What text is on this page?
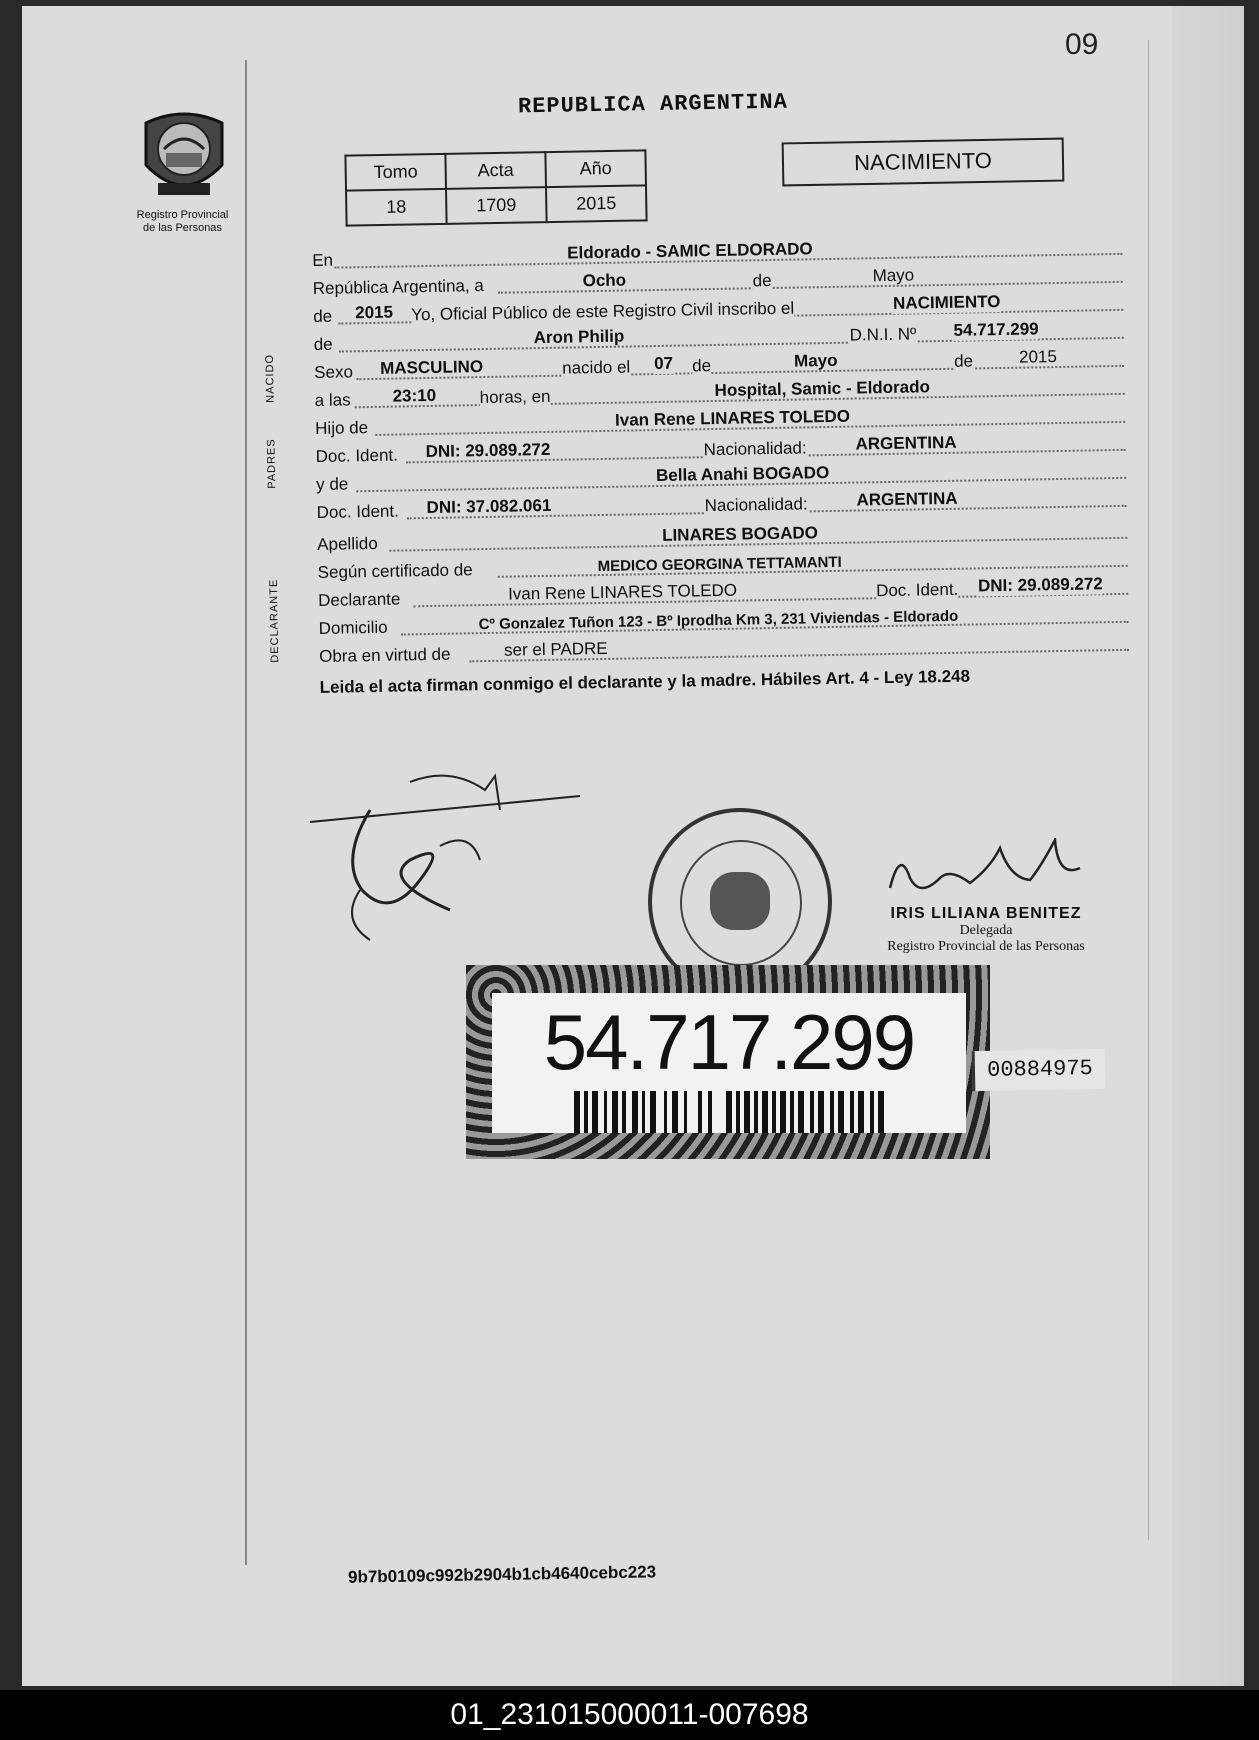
09
Registro Provincial
de las Personas
REPUBLICA ARGENTINA
Tomo	Acta	Año
18	1709	2015
NACIMIENTO
En	Eldorado - SAMIC ELDORADO
República Argentina, a	Ocho	de	Mayo
de 2015 Yo, Oficial Público de este Registro Civil inscribo el	NACIMIENTO
NACIDO
de	Aron Philip	D.N.I. Nº 54.717.299
Sexo MASCULINO	nacido el 07 de	Mayo	de	2015
a las 23:10	horas, en	Hospital, Samic - Eldorado
PADRES
Hijo de	Ivan Rene LINARES TOLEDO
Doc. Ident. DNI: 29.089.272	Nacionalidad:	ARGENTINA
y de	Bella Anahi BOGADO
Doc. Ident. DNI: 37.082.061	Nacionalidad:	ARGENTINA
Apellido	LINARES BOGADO
DECLARANTE
Según certificado de	MEDICO GEORGINA TETTAMANTI
Declarante	Ivan Rene LINARES TOLEDO	Doc. Ident. DNI: 29.089.272
Domicilio	Cº Gonzalez Tuñon 123 - Bº Iprodha Km 3, 231 Viviendas - Eldorado
Obra en virtud de	ser el PADRE
Leida el acta firman conmigo el declarante y la madre. Hábiles Art. 4 - Ley 18.248
IRIS LILIANA BENITEZ
Delegada
Registro Provincial de las Personas
54.717.299	00884975
9b7b0109c992b2904b1cb4640cebc223
01_231015000011-007698
